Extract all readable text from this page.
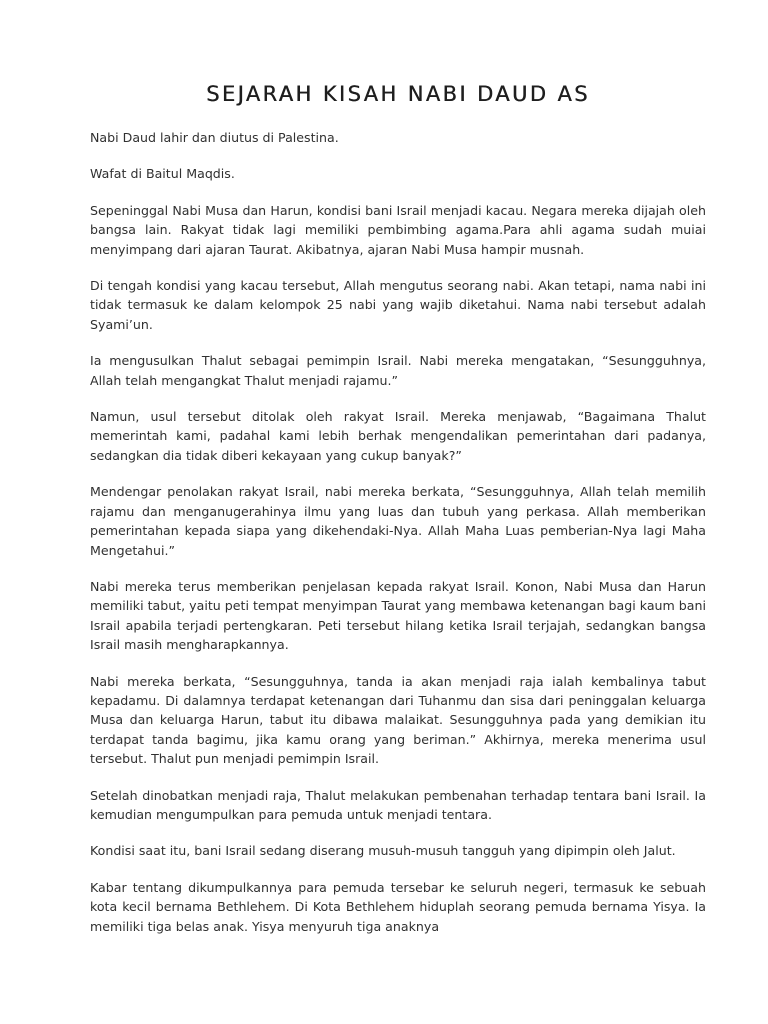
SEJARAH KISAH NABI DAUD AS

Nabi Daud lahir dan diutus di Palestina.

Wafat di Baitul Maqdis.

Sepeninggal Nabi Musa dan Harun, kondisi bani Israil menjadi kacau. Negara mereka dijajah oleh bangsa lain. Rakyat tidak lagi memiliki pembimbing agama.Para ahli agama sudah muiai menyimpang dari ajaran Taurat. Akibatnya, ajaran Nabi Musa hampir musnah.

Di tengah kondisi yang kacau tersebut, Allah mengutus seorang nabi. Akan tetapi, nama nabi ini tidak termasuk ke dalam kelompok 25 nabi yang wajib diketahui. Nama nabi tersebut adalah Syami’un.

Ia mengusulkan Thalut sebagai pemimpin Israil. Nabi mereka mengatakan, “Sesungguhnya, Allah telah mengangkat Thalut menjadi rajamu.”

Namun, usul tersebut ditolak oleh rakyat Israil. Mereka menjawab, “Bagaimana Thalut memerintah kami, padahal kami lebih berhak mengendalikan pemerintahan dari padanya, sedangkan dia tidak diberi kekayaan yang cukup banyak?”

Mendengar penolakan rakyat Israil, nabi mereka berkata, “Sesungguhnya, Allah telah memilih rajamu dan menganugerahinya ilmu yang luas dan tubuh yang perkasa. Allah memberikan pemerintahan kepada siapa yang dikehendaki-Nya. Allah Maha Luas pemberian-Nya lagi Maha Mengetahui.”

Nabi mereka terus memberikan penjelasan kepada rakyat Israil. Konon, Nabi Musa dan Harun memiliki tabut, yaitu peti tempat menyimpan Taurat yang membawa ketenangan bagi kaum bani Israil apabila terjadi pertengkaran. Peti tersebut hilang ketika Israil terjajah, sedangkan bangsa Israil masih mengharapkannya.

Nabi mereka berkata, “Sesungguhnya, tanda ia akan menjadi raja ialah kembalinya tabut kepadamu. Di dalamnya terdapat ketenangan dari Tuhanmu dan sisa dari peninggalan keluarga Musa dan keluarga Harun, tabut itu dibawa malaikat. Sesungguhnya pada yang demikian itu terdapat tanda bagimu, jika kamu orang yang beriman.” Akhirnya, mereka menerima usul tersebut. Thalut pun menjadi pemimpin Israil.

Setelah dinobatkan menjadi raja, Thalut melakukan pembenahan terhadap tentara bani Israil. Ia kemudian mengumpulkan para pemuda untuk menjadi tentara.

Kondisi saat itu, bani Israil sedang diserang musuh-musuh tangguh yang dipimpin oleh Jalut.

Kabar tentang dikumpulkannya para pemuda tersebar ke seluruh negeri, termasuk ke sebuah kota kecil bernama Bethlehem. Di Kota Bethlehem hiduplah seorang pemuda bernama Yisya. Ia memiliki tiga belas anak. Yisya menyuruh tiga anaknya
